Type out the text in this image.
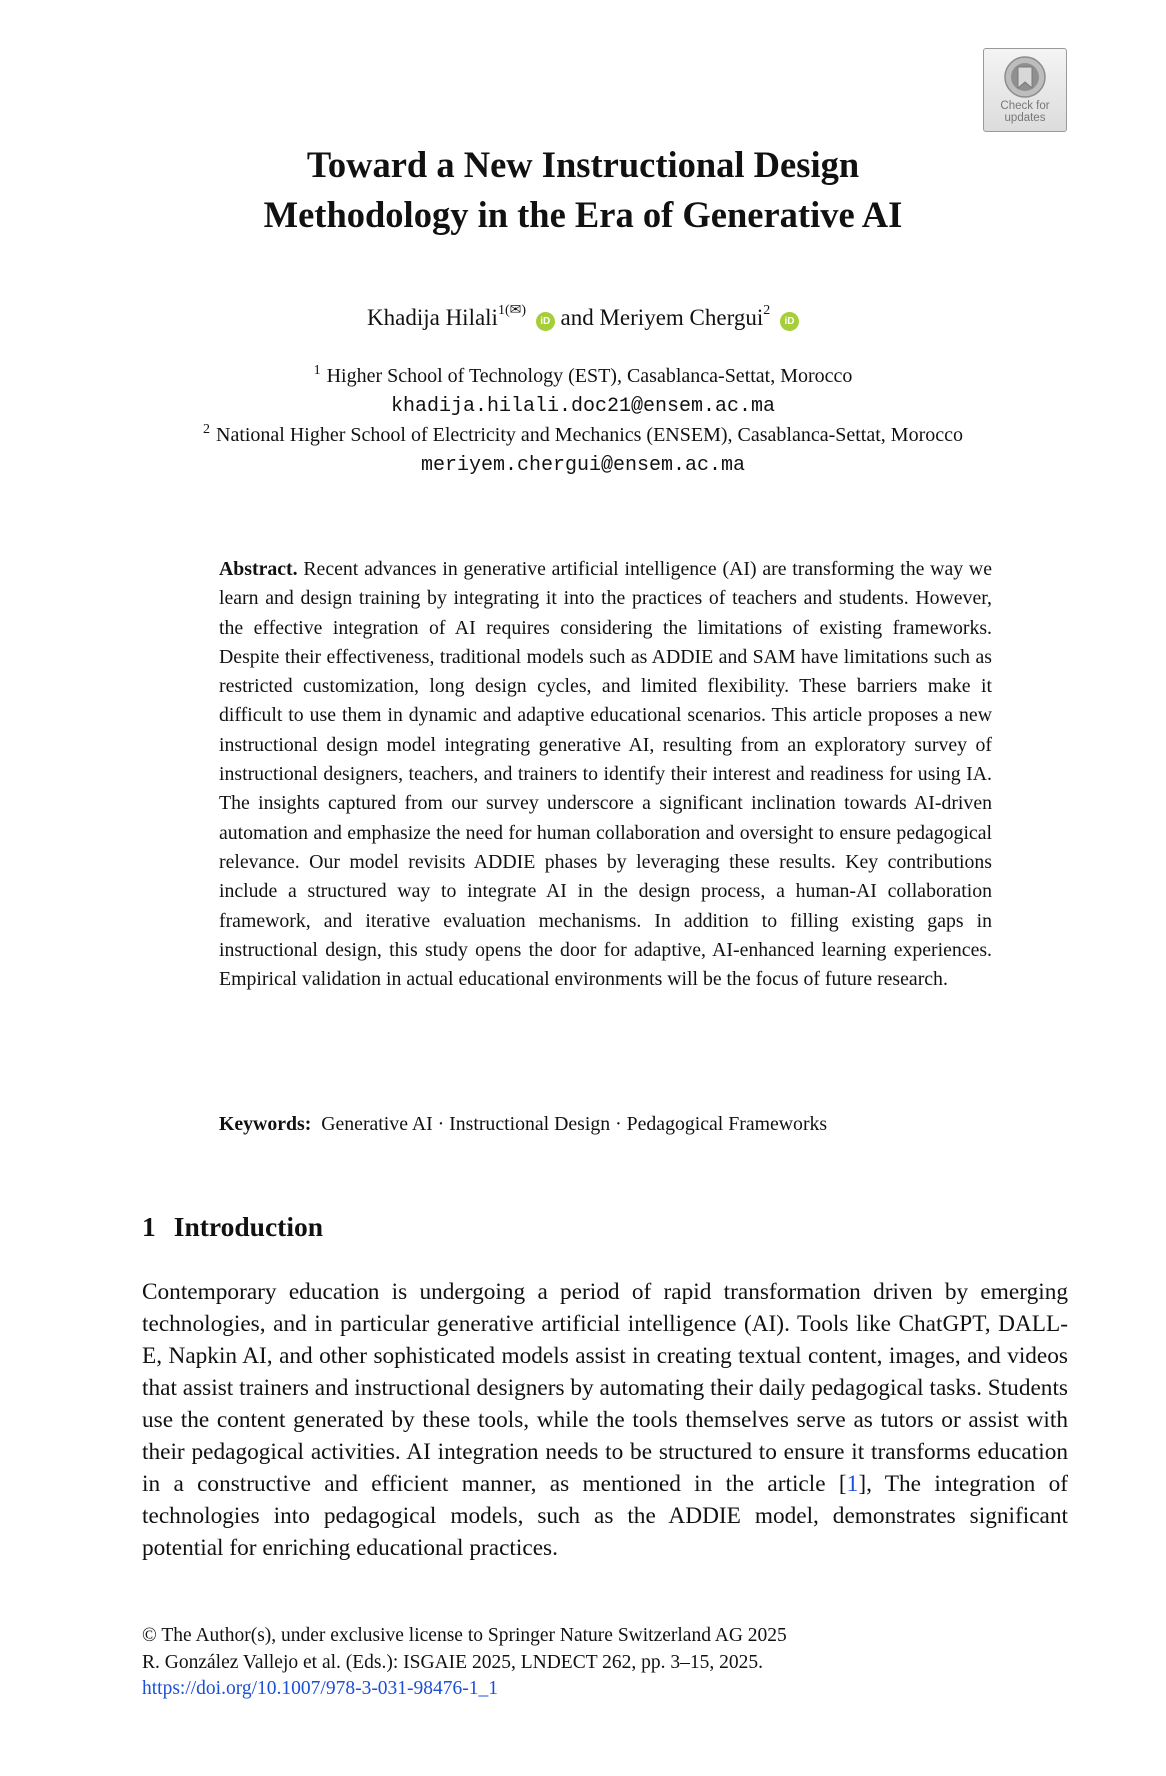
Check for
updates
Toward a New Instructional Design
Methodology in the Era of Generative AI
Khadija Hilali$^{1(✉)}$ iD and Meriyem Chergui$^2$ iD
$^1$ Higher School of Technology (EST), Casablanca-Settat, Morocco
khadija.hilali.doc21@ensem.ac.ma
$^2$ National Higher School of Electricity and Mechanics (ENSEM), Casablanca-Settat, Morocco
meriyem.chergui@ensem.ac.ma

Abstract. Recent advances in generative artificial intelligence (AI) are transforming the way we learn and design training by integrating it into the practices of teachers and students. However, the effective integration of AI requires considering the limitations of existing frameworks. Despite their effectiveness, traditional models such as ADDIE and SAM have limitations such as restricted customization, long design cycles, and limited flexibility. These barriers make it difficult to use them in dynamic and adaptive educational scenarios. This article proposes a new instructional design model integrating generative AI, resulting from an exploratory survey of instructional designers, teachers, and trainers to identify their interest and readiness for using IA. The insights captured from our survey underscore a significant inclination towards AI-driven automation and emphasize the need for human collaboration and oversight to ensure pedagogical relevance. Our model revisits ADDIE phases by leveraging these results. Key contributions include a structured way to integrate AI in the design process, a human-AI collaboration framework, and iterative evaluation mechanisms. In addition to filling existing gaps in instructional design, this study opens the door for adaptive, AI-enhanced learning experiences. Empirical validation in actual educational environments will be the focus of future research.

Keywords: Generative AI · Instructional Design · Pedagogical Frameworks

1 Introduction

Contemporary education is undergoing a period of rapid transformation driven by emerging technologies, and in particular generative artificial intelligence (AI). Tools like ChatGPT, DALL-E, Napkin AI, and other sophisticated models assist in creating textual content, images, and videos that assist trainers and instructional designers by automating their daily pedagogical tasks. Students use the content generated by these tools, while the tools themselves serve as tutors or assist with their pedagogical activities. AI integration needs to be structured to ensure it transforms education in a constructive and efficient manner, as mentioned in the article [1], The integration of technologies into pedagogical models, such as the ADDIE model, demonstrates significant potential for enriching educational practices.

© The Author(s), under exclusive license to Springer Nature Switzerland AG 2025
R. González Vallejo et al. (Eds.): ISGAIE 2025, LNDECT 262, pp. 3–15, 2025.
https://doi.org/10.1007/978-3-031-98476-1_1
